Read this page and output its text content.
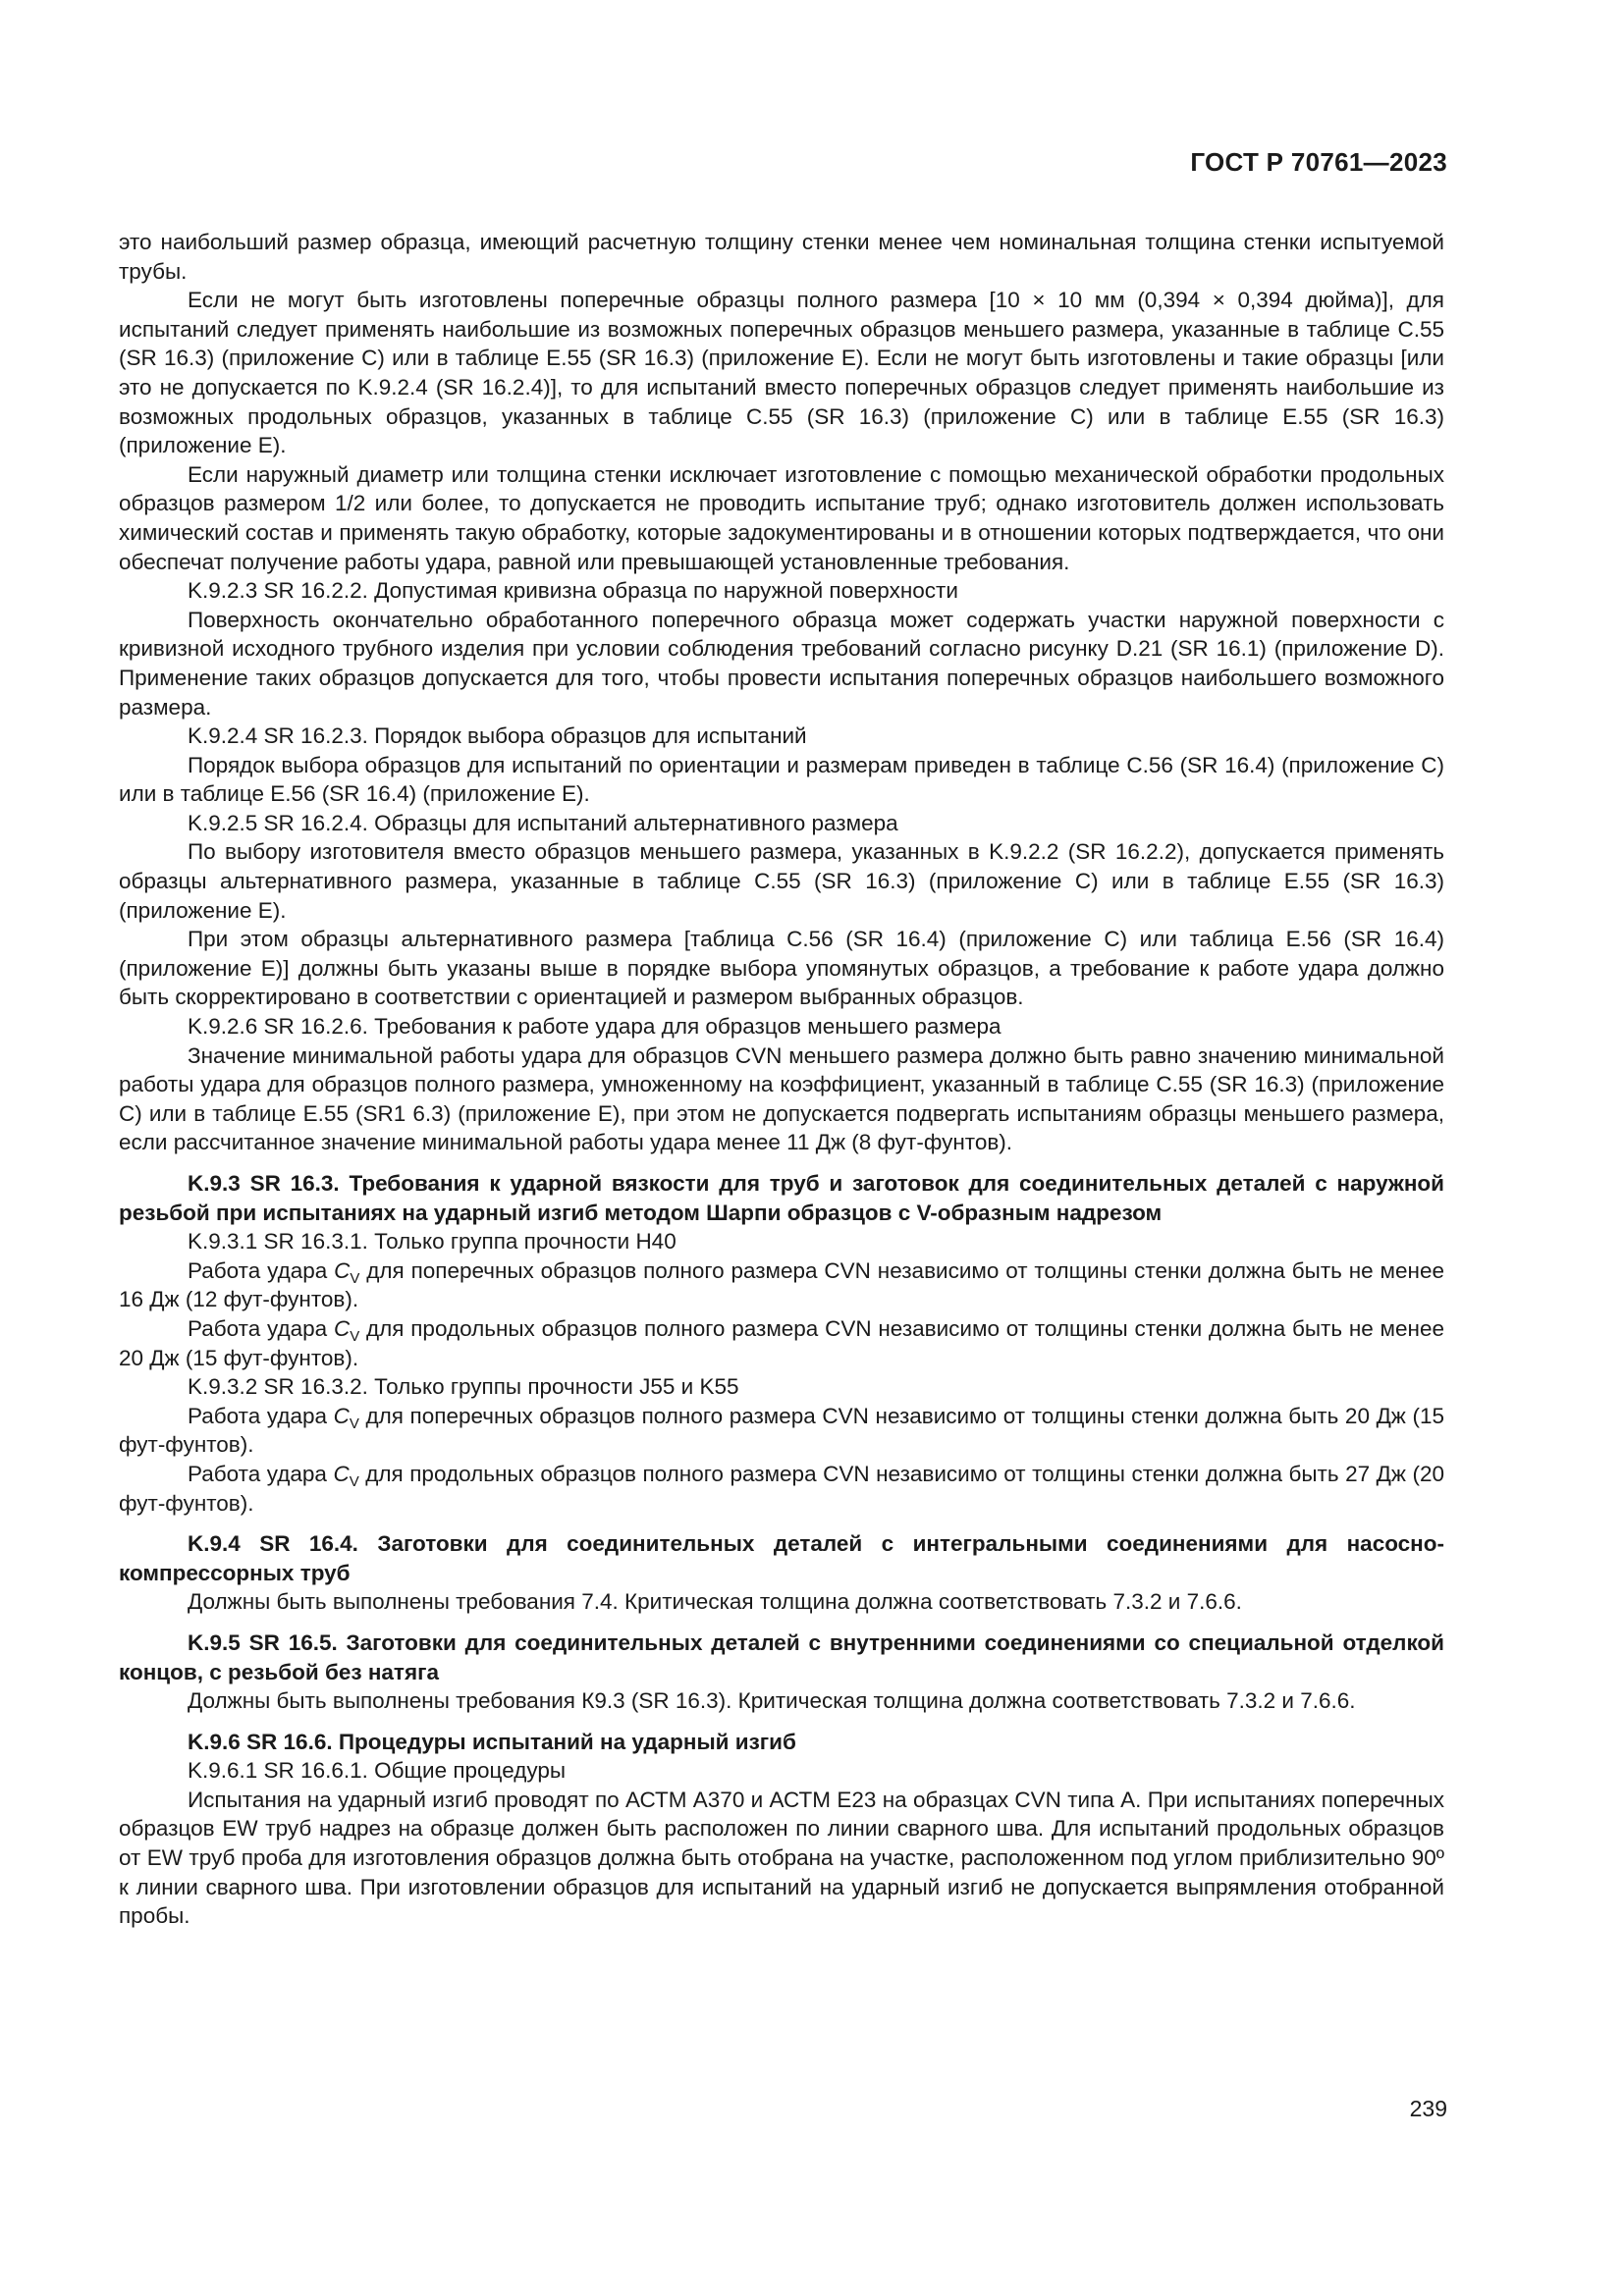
ГОСТ Р 70761—2023

это наибольший размер образца, имеющий расчетную толщину стенки менее чем номинальная толщина стенки испытуемой трубы.

Если не могут быть изготовлены поперечные образцы полного размера [10 × 10 мм (0,394 × 0,394 дюйма)], для испытаний следует применять наибольшие из возможных поперечных образцов меньшего размера, указанные в таблице С.55 (SR 16.3) (приложение С) или в таблице Е.55 (SR 16.3) (приложение Е). Если не могут быть изготовлены и такие образцы [или это не допускается по K.9.2.4 (SR 16.2.4)], то для испытаний вместо поперечных образцов следует применять наибольшие из возможных продольных образцов, указанных в таблице С.55 (SR 16.3) (приложение С) или в таблице Е.55 (SR 16.3) (приложение Е).

Если наружный диаметр или толщина стенки исключает изготовление с помощью механической обработки продольных образцов размером 1/2 или более, то допускается не проводить испытание труб; однако изготовитель должен использовать химический состав и применять такую обработку, которые задокументированы и в отношении которых подтверждается, что они обеспечат получение работы удара, равной или превышающей установленные требования.

K.9.2.3 SR 16.2.2. Допустимая кривизна образца по наружной поверхности

Поверхность окончательно обработанного поперечного образца может содержать участки наружной поверхности с кривизной исходного трубного изделия при условии соблюдения требований согласно рисунку D.21 (SR 16.1) (приложение D). Применение таких образцов допускается для того, чтобы провести испытания поперечных образцов наибольшего возможного размера.

K.9.2.4 SR 16.2.3. Порядок выбора образцов для испытаний

Порядок выбора образцов для испытаний по ориентации и размерам приведен в таблице С.56 (SR 16.4) (приложение С) или в таблице Е.56 (SR 16.4) (приложение Е).

K.9.2.5 SR 16.2.4. Образцы для испытаний альтернативного размера

По выбору изготовителя вместо образцов меньшего размера, указанных в K.9.2.2 (SR 16.2.2), допускается применять образцы альтернативного размера, указанные в таблице С.55 (SR 16.3) (приложение С) или в таблице Е.55 (SR 16.3) (приложение Е).

При этом образцы альтернативного размера [таблица С.56 (SR 16.4) (приложение С) или таблица Е.56 (SR 16.4) (приложение Е)] должны быть указаны выше в порядке выбора упомянутых образцов, а требование к работе удара должно быть скорректировано в соответствии с ориентацией и размером выбранных образцов.

K.9.2.6 SR 16.2.6. Требования к работе удара для образцов меньшего размера

Значение минимальной работы удара для образцов CVN меньшего размера должно быть равно значению минимальной работы удара для образцов полного размера, умноженному на коэффициент, указанный в таблице С.55 (SR 16.3) (приложение С) или в таблице Е.55 (SR1 6.3) (приложение Е), при этом не допускается подвергать испытаниям образцы меньшего размера, если рассчитанное значение минимальной работы удара менее 11 Дж (8 фут-фунтов).

K.9.3 SR 16.3. Требования к ударной вязкости для труб и заготовок для соединительных деталей с наружной резьбой при испытаниях на ударный изгиб методом Шарпи образцов с V-образным надрезом

K.9.3.1 SR 16.3.1. Только группа прочности Н40

Работа удара $C_V$ для поперечных образцов полного размера CVN независимо от толщины стенки должна быть не менее 16 Дж (12 фут-фунтов).

Работа удара $C_V$ для продольных образцов полного размера CVN независимо от толщины стенки должна быть не менее 20 Дж (15 фут-фунтов).

K.9.3.2 SR 16.3.2. Только группы прочности J55 и K55

Работа удара $C_V$ для поперечных образцов полного размера CVN независимо от толщины стенки должна быть 20 Дж (15 фут-фунтов).

Работа удара $C_V$ для продольных образцов полного размера CVN независимо от толщины стенки должна быть 27 Дж (20 фут-фунтов).

K.9.4 SR 16.4. Заготовки для соединительных деталей с интегральными соединениями для насосно-компрессорных труб

Должны быть выполнены требования 7.4. Критическая толщина должна соответствовать 7.3.2 и 7.6.6.

K.9.5 SR 16.5. Заготовки для соединительных деталей с внутренними соединениями со специальной отделкой концов, с резьбой без натяга

Должны быть выполнены требования К9.3 (SR 16.3). Критическая толщина должна соответствовать 7.3.2 и 7.6.6.

K.9.6 SR 16.6. Процедуры испытаний на ударный изгиб

K.9.6.1 SR 16.6.1. Общие процедуры

Испытания на ударный изгиб проводят по АСТМ А370 и АСТМ Е23 на образцах CVN типа А. При испытаниях поперечных образцов EW труб надрез на образце должен быть расположен по линии сварного шва. Для испытаний продольных образцов от EW труб проба для изготовления образцов должна быть отобрана на участке, расположенном под углом приблизительно 90º к линии сварного шва. При изготовлении образцов для испытаний на ударный изгиб не допускается выпрямления отобранной пробы.

239
